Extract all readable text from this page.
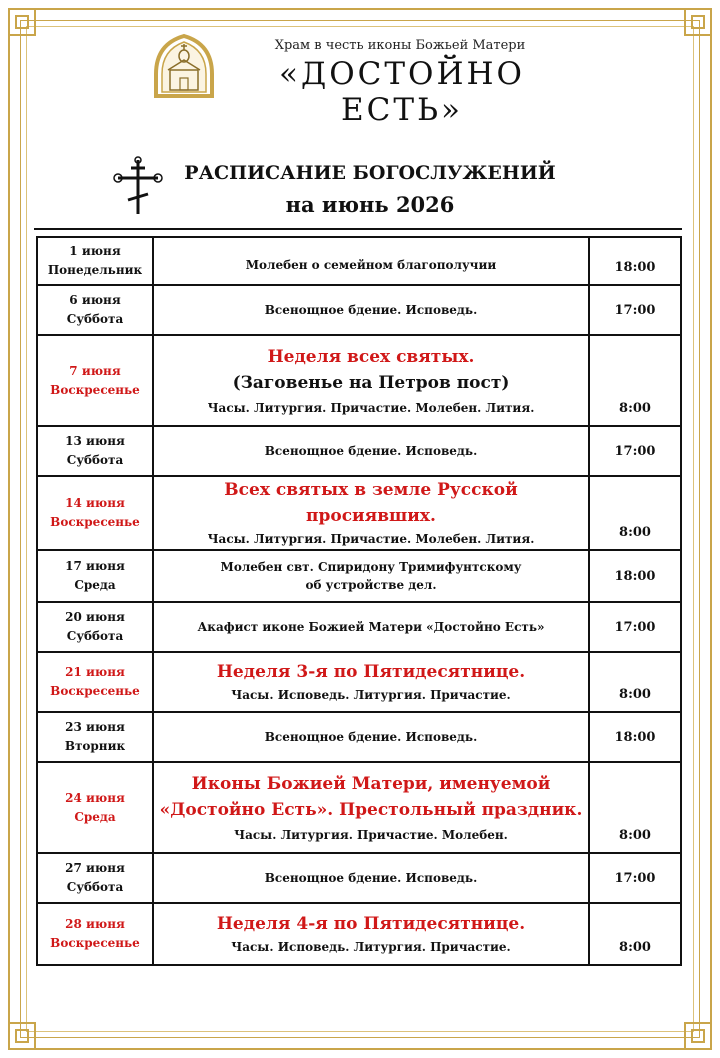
Храм в честь иконы Божьей Матери
«ДОСТОЙНО ЕСТЬ»
РАСПИСАНИЕ БОГОСЛУЖЕНИЙ
на июнь 2026
1 июня
Понедельник	Молебен о семейном благополучии	18:00

6 июня
Суббота	Всенощное бдение. Исповедь.	17:00

7 июня
Воскресенье	Неделя всех святых.
(Заговенье на Петров пост)
Часы. Литургия. Причастие. Молебен. Лития.	8:00

13 июня
Суббота	Всенощное бдение. Исповедь.	17:00

14 июня
Воскресенье	Всех святых в земле Русской просиявших.
Часы. Литургия. Причастие. Молебен. Лития.	8:00

17 июня
Среда	Молебен свт. Спиридону Тримифунтскому
об устройстве дел.	18:00

20 июня
Суббота	Акафист иконе Божией Матери «Достойно Есть»	17:00

21 июня
Воскресенье	Неделя 3-я по Пятидесятнице.
Часы. Исповедь. Литургия. Причастие.	8:00

23 июня
Вторник	Всенощное бдение. Исповедь.	18:00

24 июня
Среда	Иконы Божией Матери, именуемой
«Достойно Есть». Престольный праздник.
Часы. Литургия. Причастие. Молебен.	8:00

27 июня
Суббота	Всенощное бдение. Исповедь.	17:00

28 июня
Воскресенье	Неделя 4-я по Пятидесятнице.
Часы. Исповедь. Литургия. Причастие.	8:00
